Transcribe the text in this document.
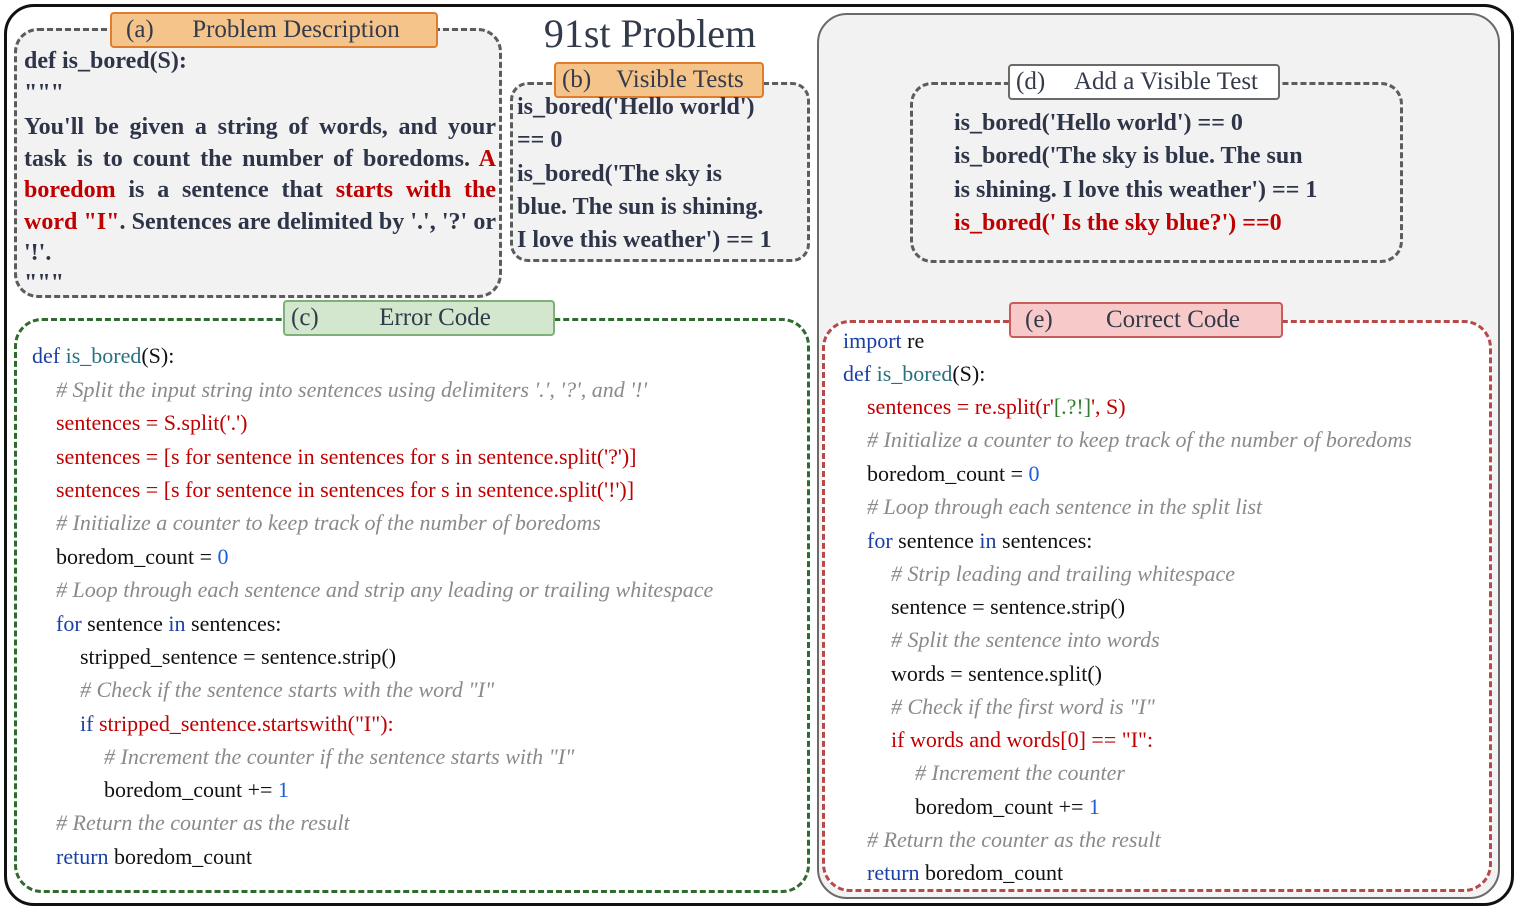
91st Problem
(a)	Problem Description
def is_bored(S):
"""
You'll be given a string of words, and your task is to count the number of boredoms. A boredom is a sentence that starts with the word "I". Sentences are delimited by '.', '?' or '!'.
"""
(b)	Visible Tests
is_bored('Hello world')
== 0
is_bored('The sky is
blue. The sun is shining.
I love this weather') == 1
(d)	Add a Visible Test
is_bored('Hello world') == 0
is_bored('The sky is blue. The sun
is shining. I love this weather') == 1
is_bored(' Is the sky blue?') ==0
(c)	Error Code
def is_bored(S):
# Split the input string into sentences using delimiters '.', '?', and '!'
sentences = S.split('.')
sentences = [s for sentence in sentences for s in sentence.split('?')]
sentences = [s for sentence in sentences for s in sentence.split('!')]
# Initialize a counter to keep track of the number of boredoms
boredom_count = 0
# Loop through each sentence and strip any leading or trailing whitespace
for sentence in sentences:
stripped_sentence = sentence.strip()
# Check if the sentence starts with the word "I"
if stripped_sentence.startswith("I"):
# Increment the counter if the sentence starts with "I"
boredom_count += 1
# Return the counter as the result
return boredom_count
(e)	Correct Code
import re
def is_bored(S):
sentences = re.split(r'[.?!]', S)
# Initialize a counter to keep track of the number of boredoms
boredom_count = 0
# Loop through each sentence in the split list
for sentence in sentences:
# Strip leading and trailing whitespace
sentence = sentence.strip()
# Split the sentence into words
words = sentence.split()
# Check if the first word is "I"
if words and words[0] == "I":
# Increment the counter
boredom_count += 1
# Return the counter as the result
return boredom_count
